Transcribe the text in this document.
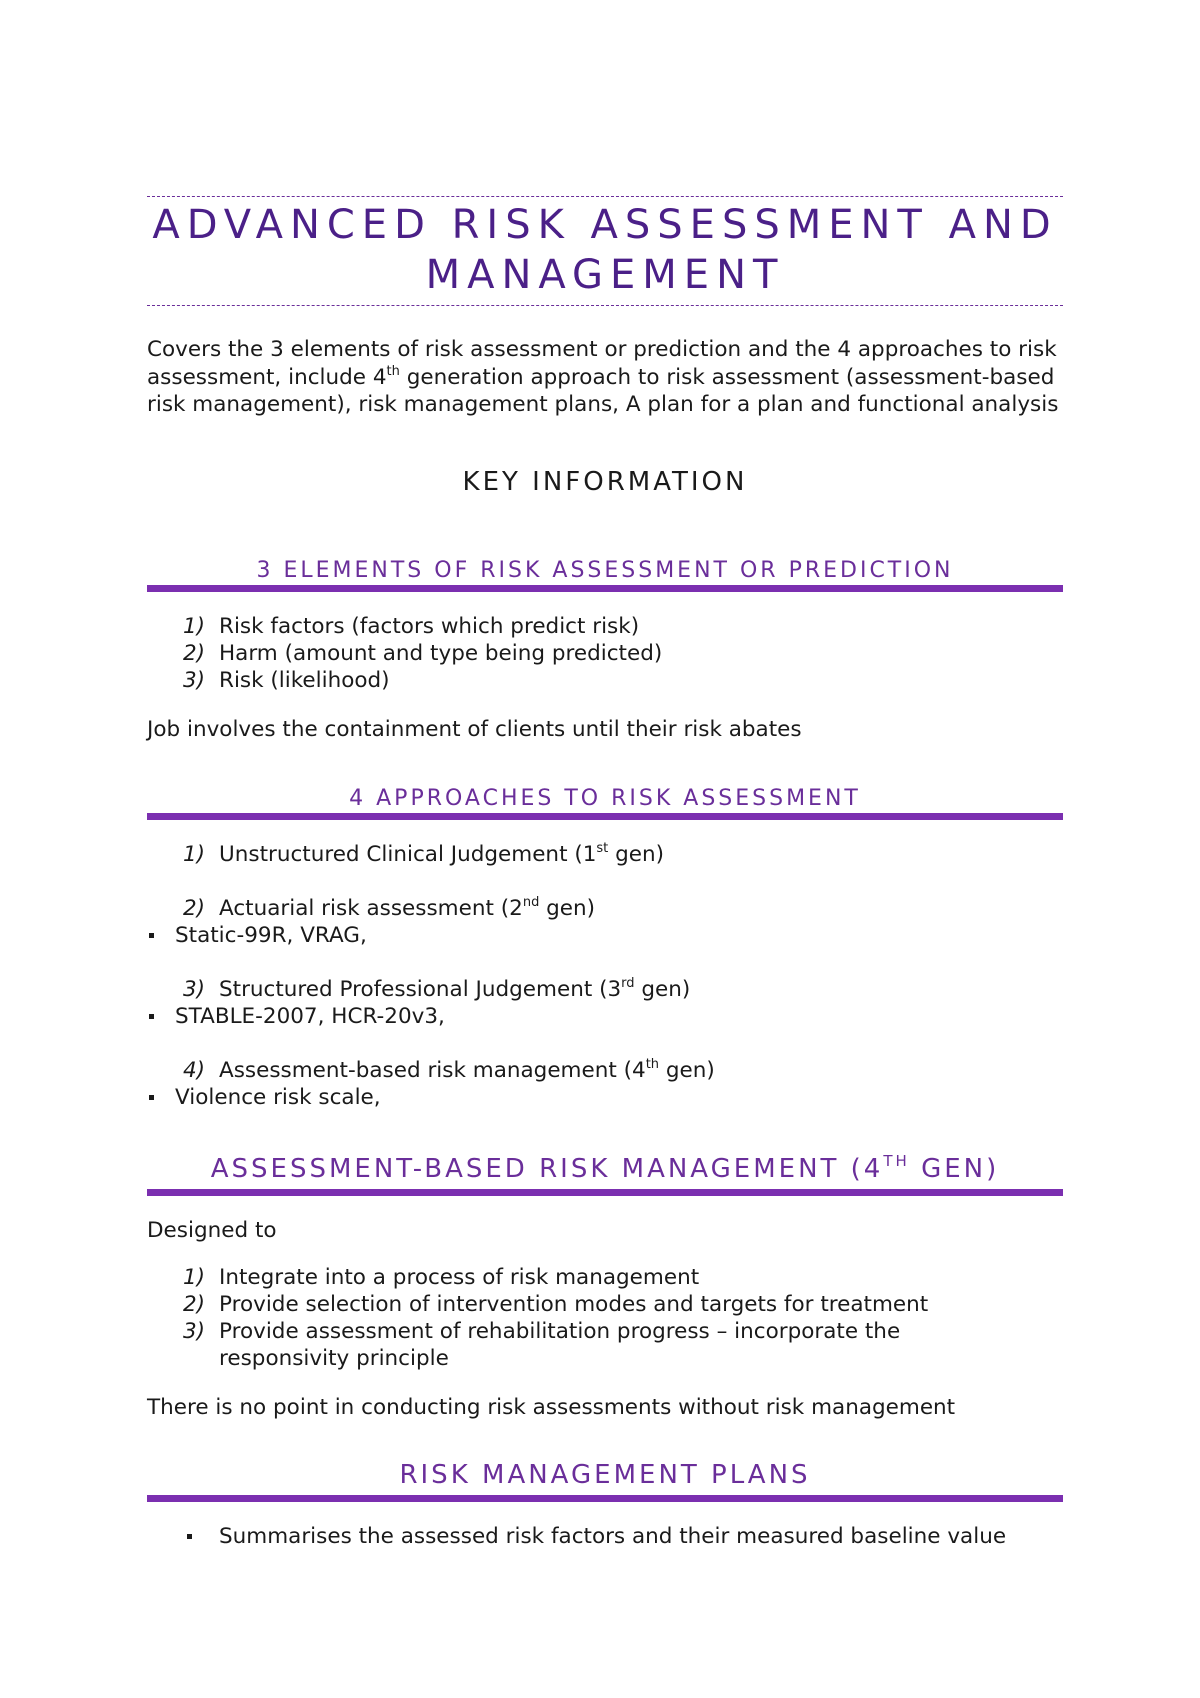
ADVANCED RISK ASSESSMENT AND MANAGEMENT
Covers the 3 elements of risk assessment or prediction and the 4 approaches to risk assessment, include 4th generation approach to risk assessment (assessment-based risk management), risk management plans, A plan for a plan and functional analysis
KEY INFORMATION
3 ELEMENTS OF RISK ASSESSMENT OR PREDICTION
1) Risk factors (factors which predict risk)
2) Harm (amount and type being predicted)
3) Risk (likelihood)
Job involves the containment of clients until their risk abates
4 APPROACHES TO RISK ASSESSMENT
1) Unstructured Clinical Judgement (1st gen)
2) Actuarial risk assessment (2nd gen)
Static-99R, VRAG,
3) Structured Professional Judgement (3rd gen)
STABLE-2007, HCR-20v3,
4) Assessment-based risk management (4th gen)
Violence risk scale,
ASSESSMENT-BASED RISK MANAGEMENT (4TH GEN)
Designed to
1) Integrate into a process of risk management
2) Provide selection of intervention modes and targets for treatment
3) Provide assessment of rehabilitation progress – incorporate the responsivity principle
There is no point in conducting risk assessments without risk management
RISK MANAGEMENT PLANS
Summarises the assessed risk factors and their measured baseline value
